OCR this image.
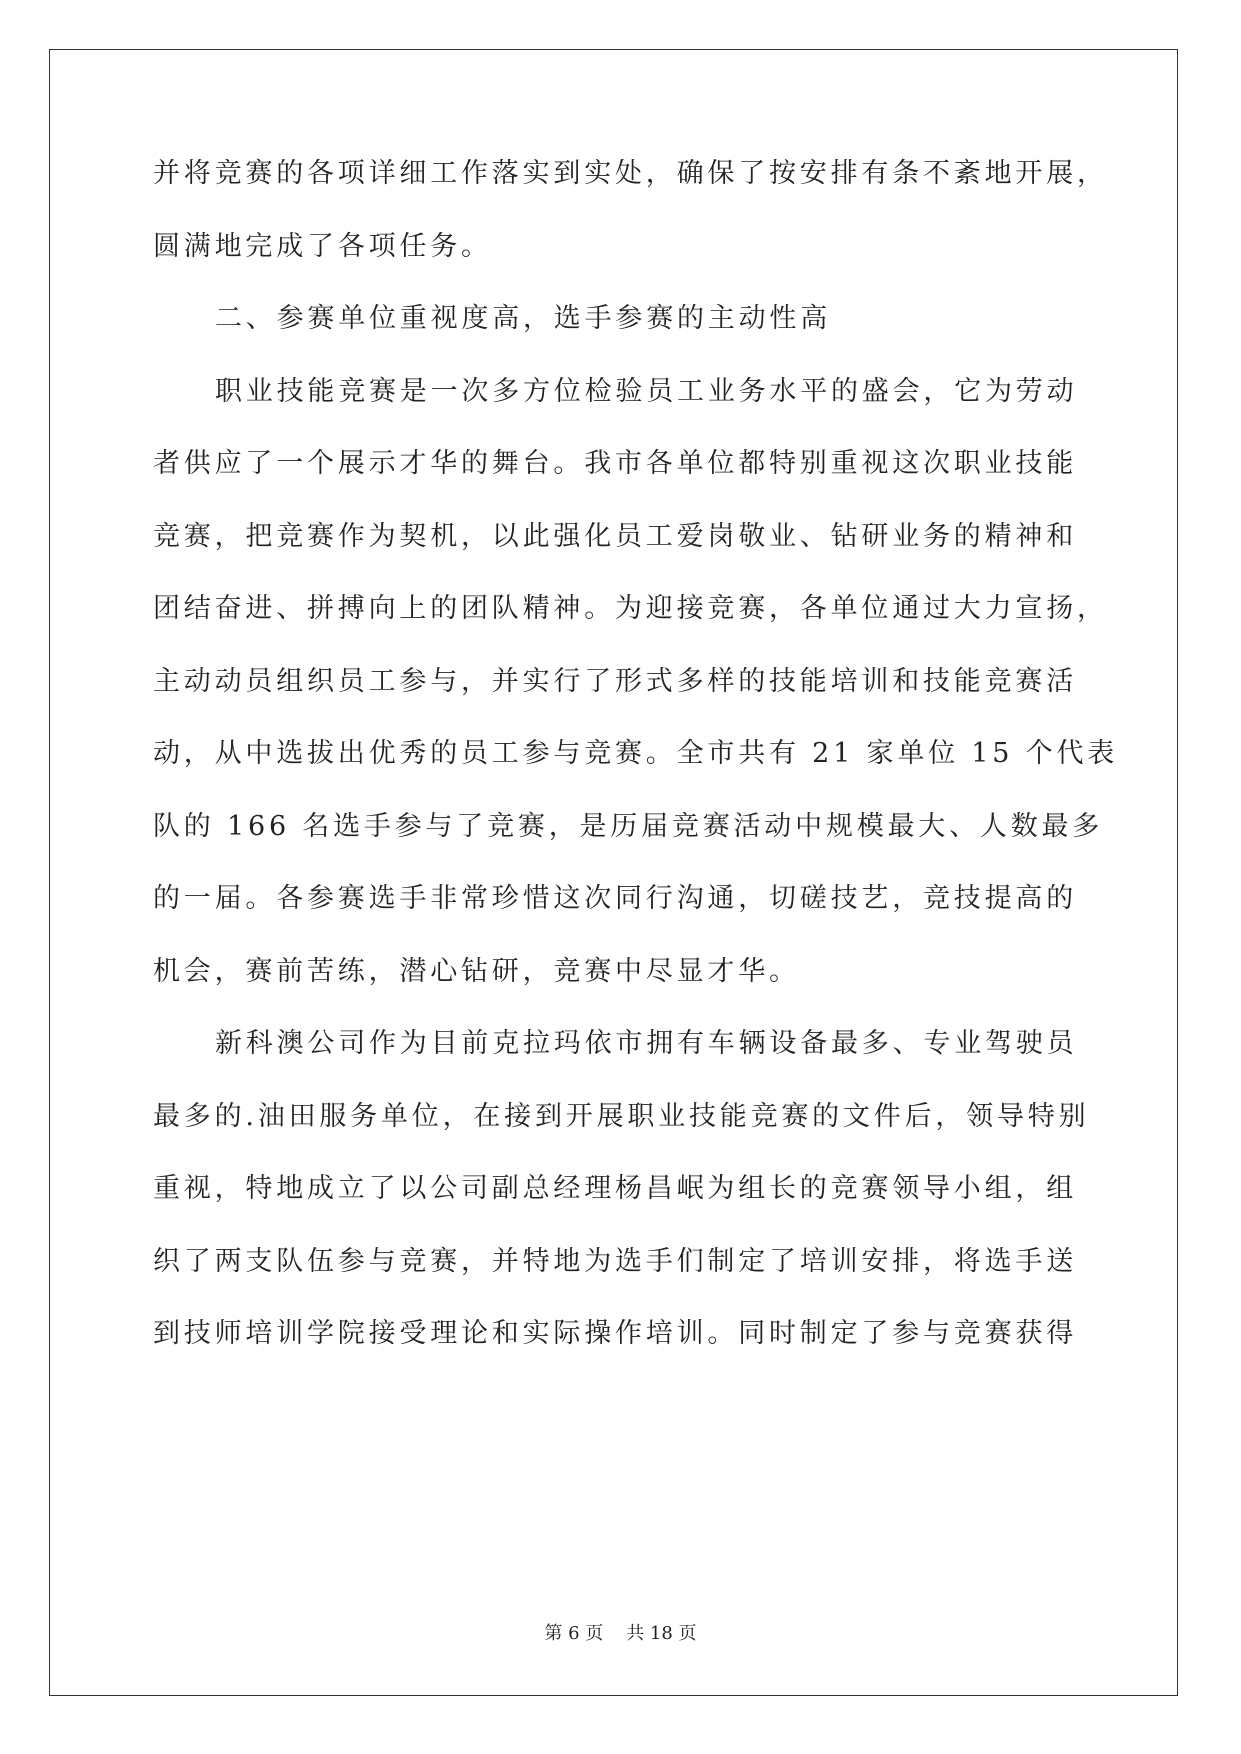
并将竞赛的各项详细工作落实到实处，确保了按安排有条不紊地开展，
圆满地完成了各项任务。
二、参赛单位重视度高，选手参赛的主动性高
职业技能竞赛是一次多方位检验员工业务水平的盛会，它为劳动
者供应了一个展示才华的舞台。我市各单位都特别重视这次职业技能
竞赛，把竞赛作为契机，以此强化员工爱岗敬业、钻研业务的精神和
团结奋进、拼搏向上的团队精神。为迎接竞赛，各单位通过大力宣扬，
主动动员组织员工参与，并实行了形式多样的技能培训和技能竞赛活
动，从中选拔出优秀的员工参与竞赛。全市共有 21 家单位 15 个代表
队的 166 名选手参与了竞赛，是历届竞赛活动中规模最大、人数最多
的一届。各参赛选手非常珍惜这次同行沟通，切磋技艺，竞技提高的
机会，赛前苦练，潜心钻研，竞赛中尽显才华。
新科澳公司作为目前克拉玛依市拥有车辆设备最多、专业驾驶员
最多的.油田服务单位，在接到开展职业技能竞赛的文件后，领导特别
重视，特地成立了以公司副总经理杨昌岷为组长的竞赛领导小组，组
织了两支队伍参与竞赛，并特地为选手们制定了培训安排，将选手送
到技师培训学院接受理论和实际操作培训。同时制定了参与竞赛获得
第 6 页    共 18 页
